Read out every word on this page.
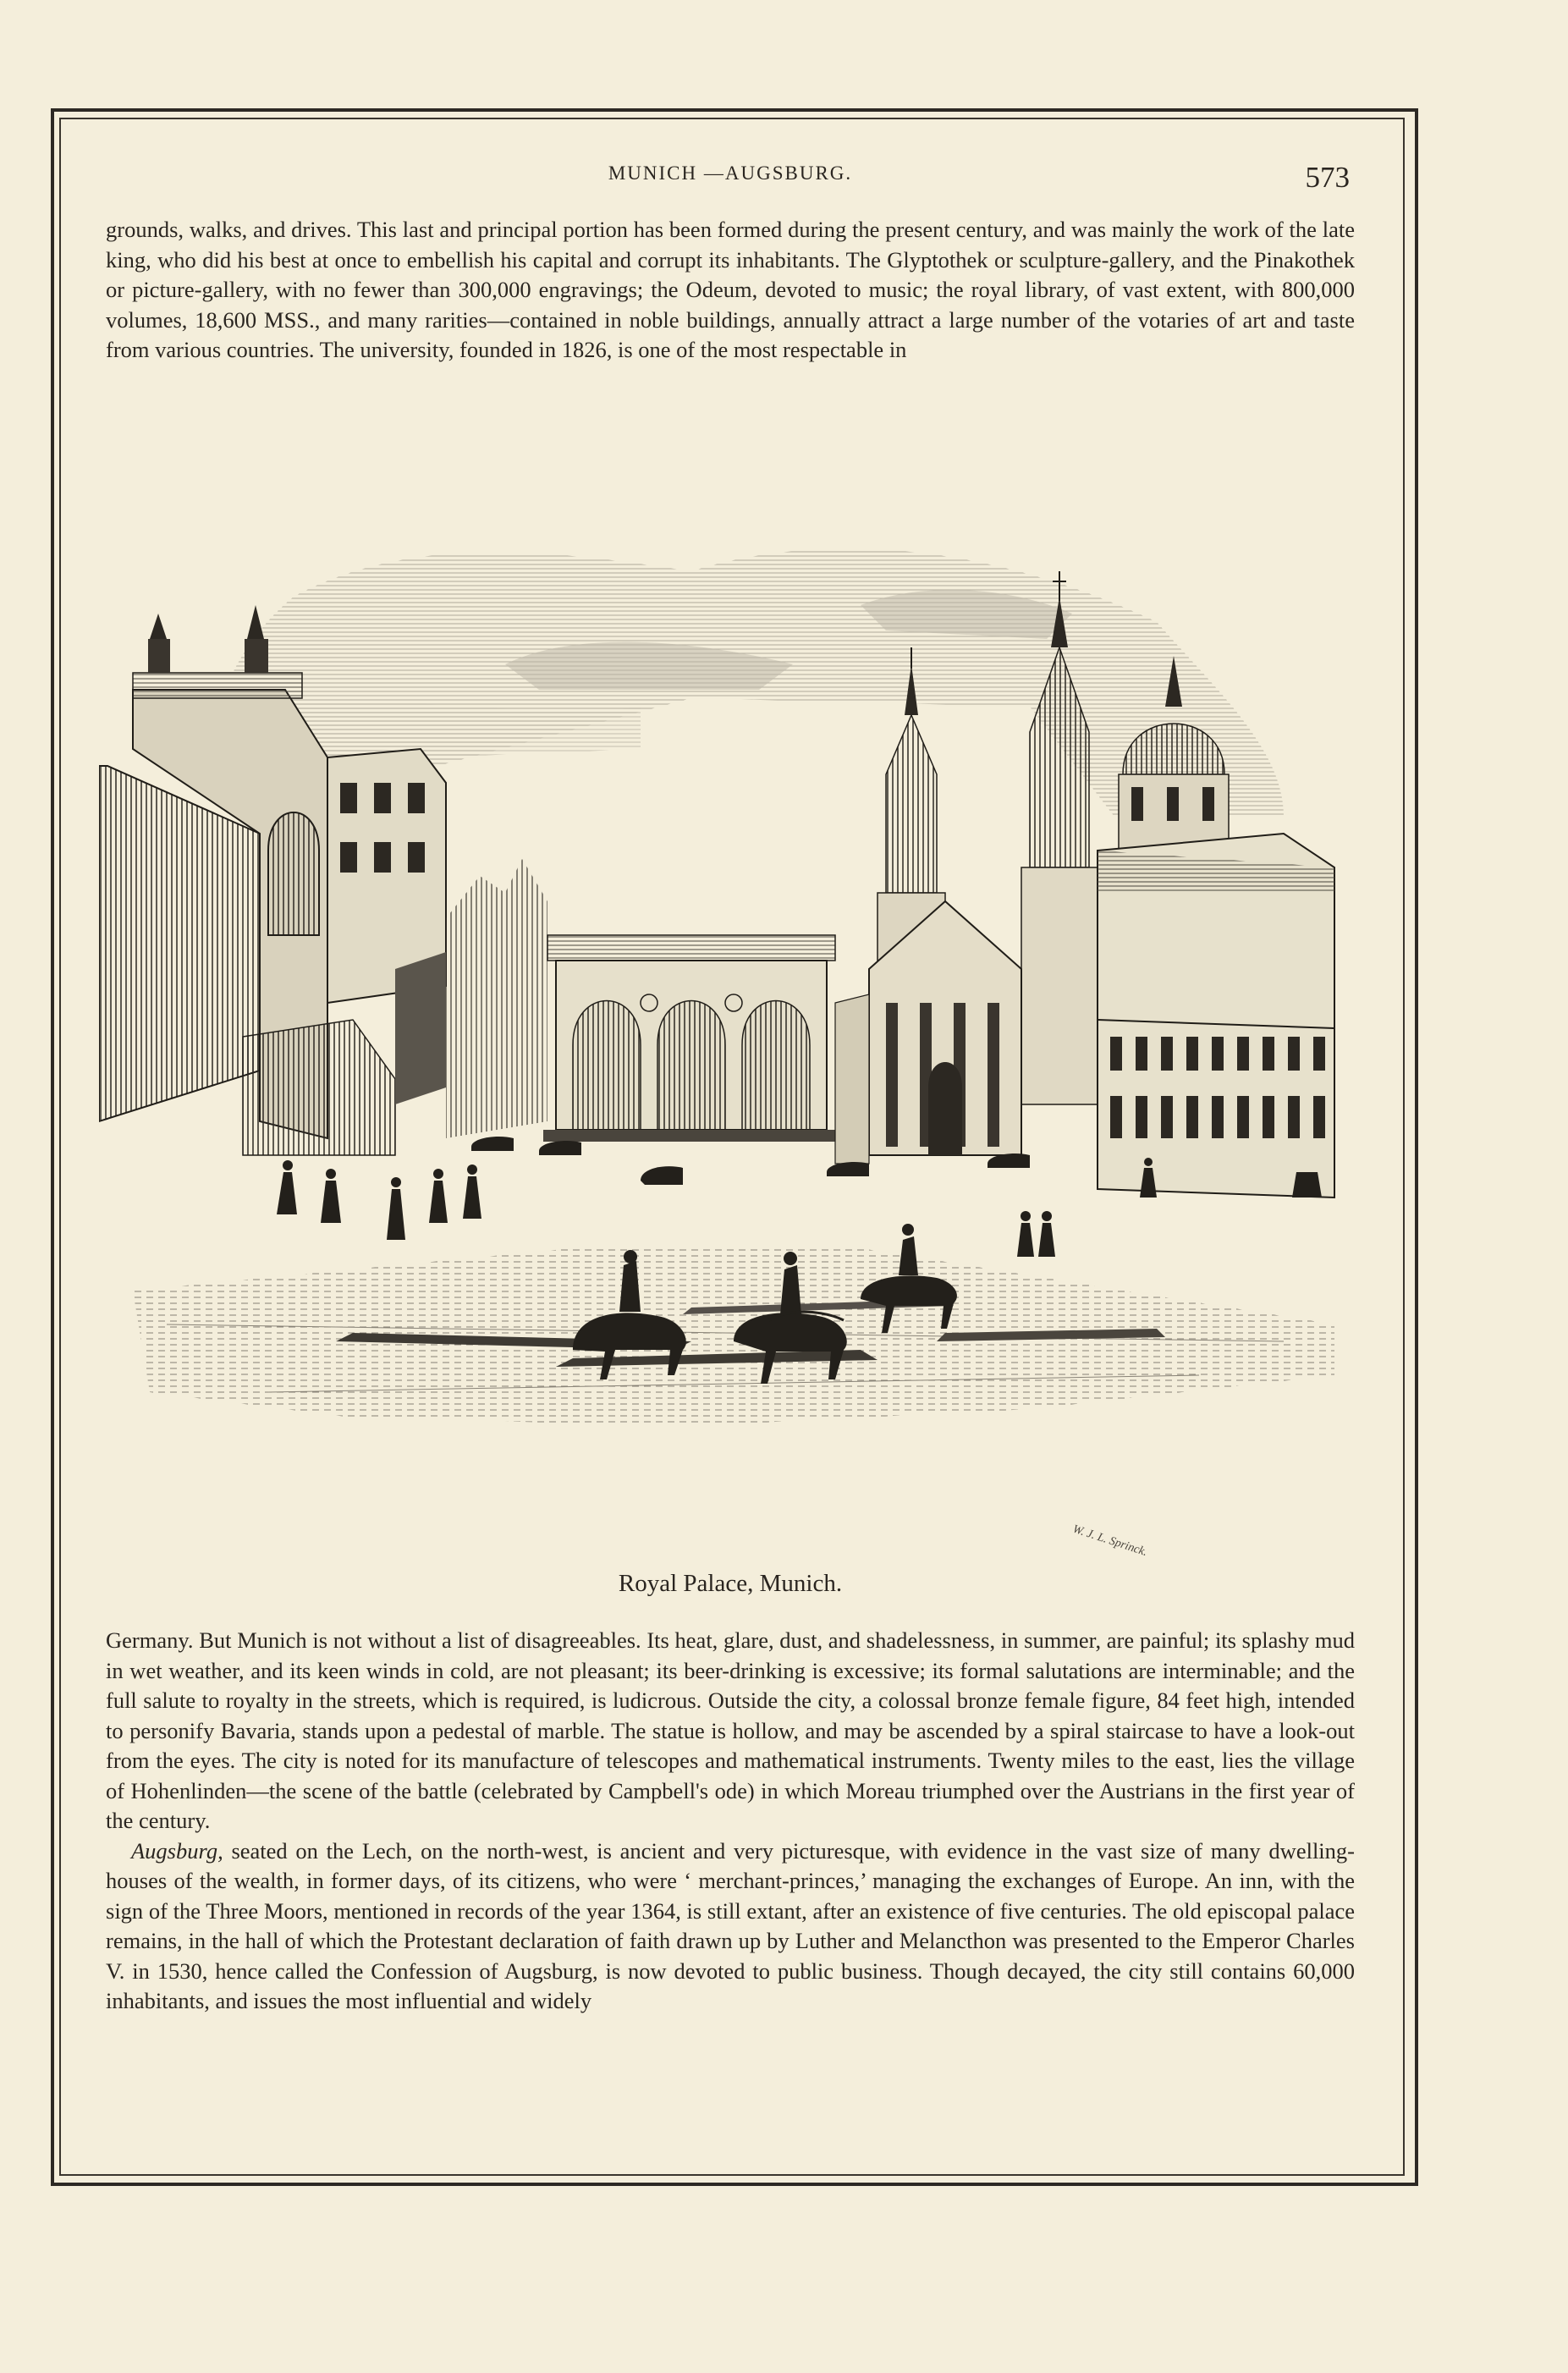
MUNICH —AUGSBURG.	573

grounds, walks, and drives. This last and principal portion has been formed during the present century, and was mainly the work of the late king, who did his best at once to embellish his capital and corrupt its inhabitants. The Glyptothek or sculpture-gallery, and the Pinakothek or picture-gallery, with no fewer than 300,000 engravings; the Odeum, devoted to music; the royal library, of vast extent, with 800,000 volumes, 18,600 MSS., and many rarities—contained in noble buildings, annually attract a large number of the votaries of art and taste from various countries. The university, founded in 1826, is one of the most respectable in

W. J. L. Sprinck.
Royal Palace, Munich.

Germany. But Munich is not without a list of disagreeables. Its heat, glare, dust, and shadelessness, in summer, are painful; its splashy mud in wet weather, and its keen winds in cold, are not pleasant; its beer-drinking is excessive; its formal salutations are interminable; and the full salute to royalty in the streets, which is required, is ludicrous. Outside the city, a colossal bronze female figure, 84 feet high, intended to personify Bavaria, stands upon a pedestal of marble. The statue is hollow, and may be ascended by a spiral staircase to have a look-out from the eyes. The city is noted for its manufacture of telescopes and mathematical instruments. Twenty miles to the east, lies the village of Hohenlinden—the scene of the battle (celebrated by Campbell's ode) in which Moreau triumphed over the Austrians in the first year of the century.

Augsburg, seated on the Lech, on the north-west, is ancient and very picturesque, with evidence in the vast size of many dwelling-houses of the wealth, in former days, of its citizens, who were ‘ merchant-princes,’ managing the exchanges of Europe. An inn, with the sign of the Three Moors, mentioned in records of the year 1364, is still extant, after an existence of five centuries. The old episcopal palace remains, in the hall of which the Protestant declaration of faith drawn up by Luther and Melancthon was presented to the Emperor Charles V. in 1530, hence called the Confession of Augsburg, is now devoted to public business. Though decayed, the city still contains 60,000 inhabitants, and issues the most influential and widely
